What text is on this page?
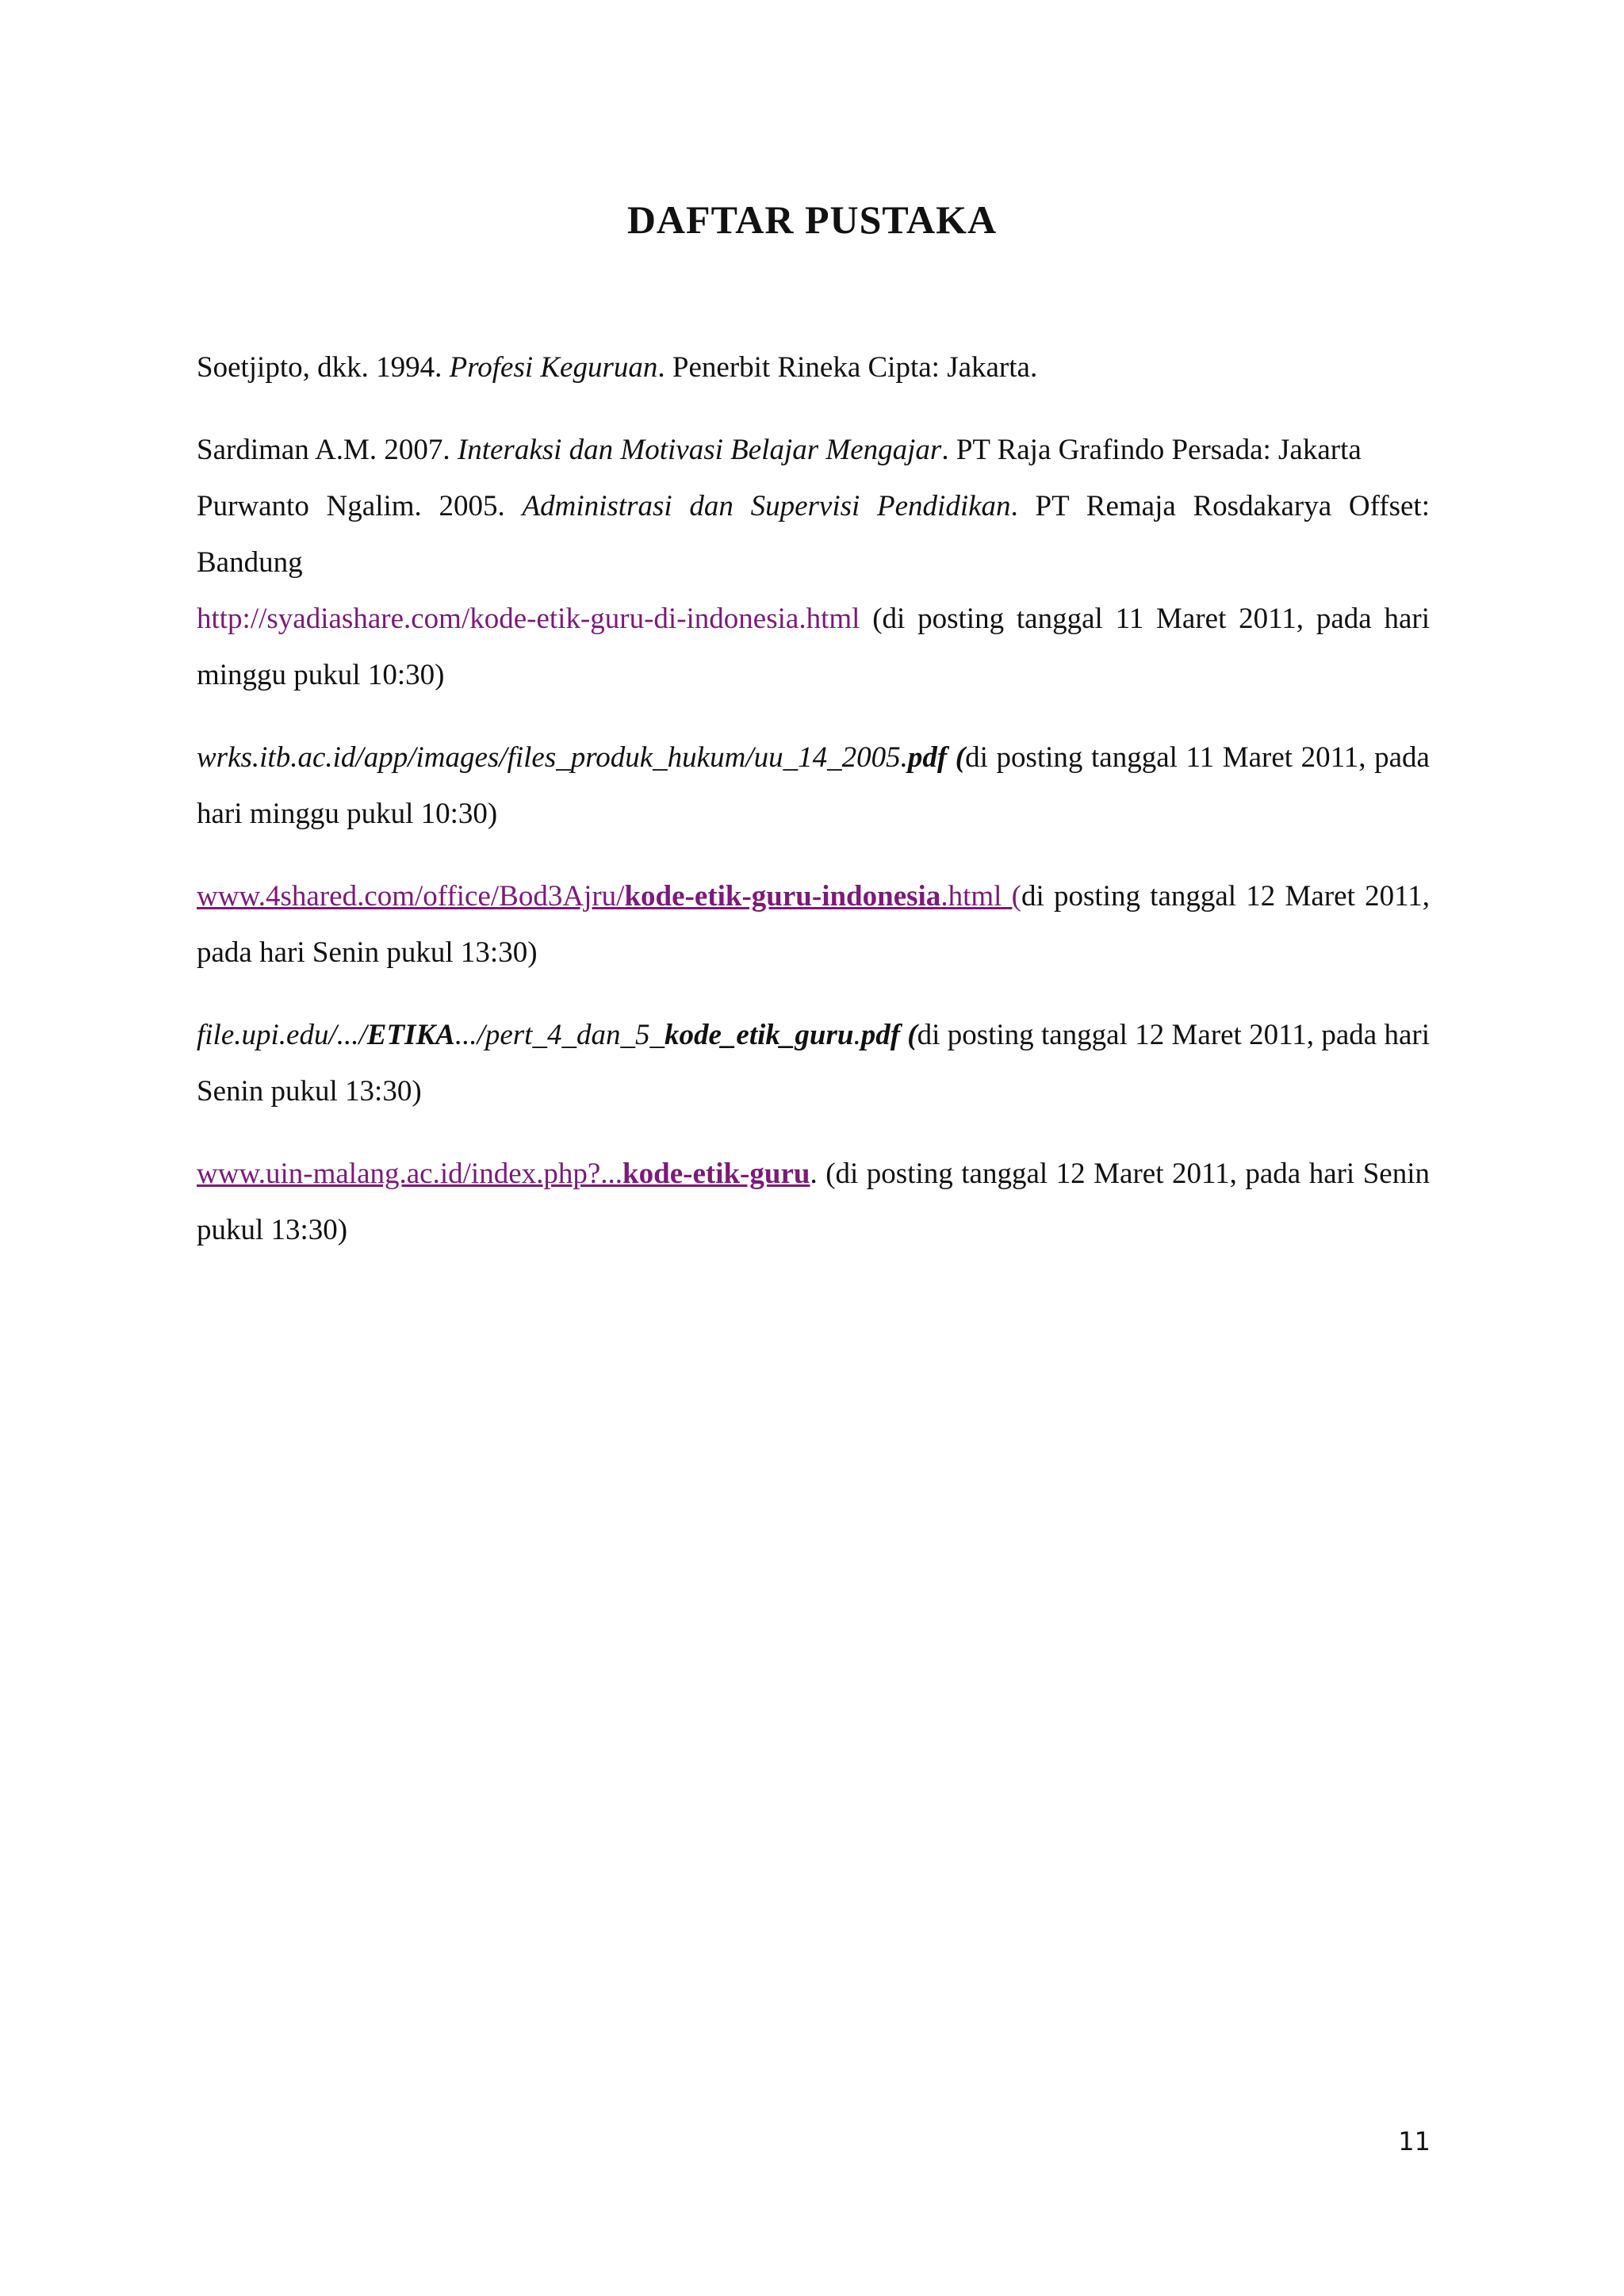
DAFTAR PUSTAKA

Soetjipto, dkk. 1994. Profesi Keguruan. Penerbit Rineka Cipta: Jakarta.

Sardiman A.M. 2007. Interaksi dan Motivasi Belajar Mengajar. PT Raja Grafindo Persada: Jakarta

Purwanto Ngalim. 2005. Administrasi dan Supervisi Pendidikan. PT Remaja Rosdakarya Offset: Bandung

http://syadiashare.com/kode-etik-guru-di-indonesia.html (di posting tanggal 11 Maret 2011, pada hari minggu pukul 10:30)

wrks.itb.ac.id/app/images/files_produk_hukum/uu_14_2005.pdf (di posting tanggal 11 Maret 2011, pada hari minggu pukul 10:30)

www.4shared.com/office/Bod3Ajru/kode-etik-guru-indonesia.html (di posting tanggal 12 Maret 2011, pada hari Senin pukul 13:30)

file.upi.edu/.../ETIKA.../pert_4_dan_5_kode_etik_guru.pdf (di posting tanggal 12 Maret 2011, pada hari Senin pukul 13:30)

www.uin-malang.ac.id/index.php?...kode-etik-guru. (di posting tanggal 12 Maret 2011, pada hari Senin pukul 13:30)

11
